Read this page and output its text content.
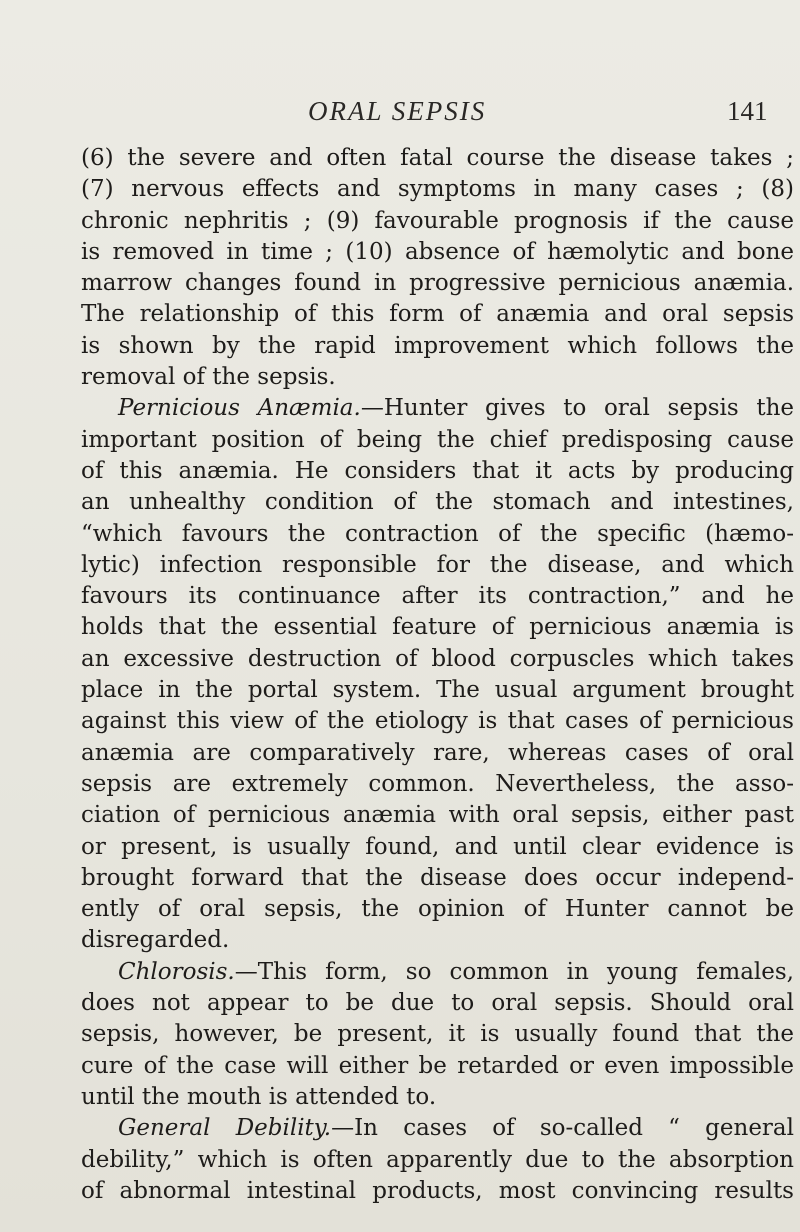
ORAL SEPSIS	141
(6) the severe and often fatal course the disease takes ;
(7) nervous effects and symptoms in many cases ; (8)
chronic nephritis ; (9) favourable prognosis if the cause
is removed in time ; (10) absence of hæmolytic and bone
marrow changes found in progressive pernicious anæmia.
The relationship of this form of anæmia and oral sepsis
is shown by the rapid improvement which follows the
removal of the sepsis.
Pernicious Anæmia.—Hunter gives to oral sepsis the
important position of being the chief predisposing cause
of this anæmia. He considers that it acts by producing
an unhealthy condition of the stomach and intestines,
“which favours the contraction of the specific (hæmo-
lytic) infection responsible for the disease, and which
favours its continuance after its contraction,” and he
holds that the essential feature of pernicious anæmia is
an excessive destruction of blood corpuscles which takes
place in the portal system. The usual argument brought
against this view of the etiology is that cases of pernicious
anæmia are comparatively rare, whereas cases of oral
sepsis are extremely common. Nevertheless, the asso-
ciation of pernicious anæmia with oral sepsis, either past
or present, is usually found, and until clear evidence is
brought forward that the disease does occur independ-
ently of oral sepsis, the opinion of Hunter cannot be
disregarded.
Chlorosis.—This form, so common in young females,
does not appear to be due to oral sepsis. Should oral
sepsis, however, be present, it is usually found that the
cure of the case will either be retarded or even impossible
until the mouth is attended to.
General Debility.—In cases of so-called “ general
debility,” which is often apparently due to the absorption
of abnormal intestinal products, most convincing results
